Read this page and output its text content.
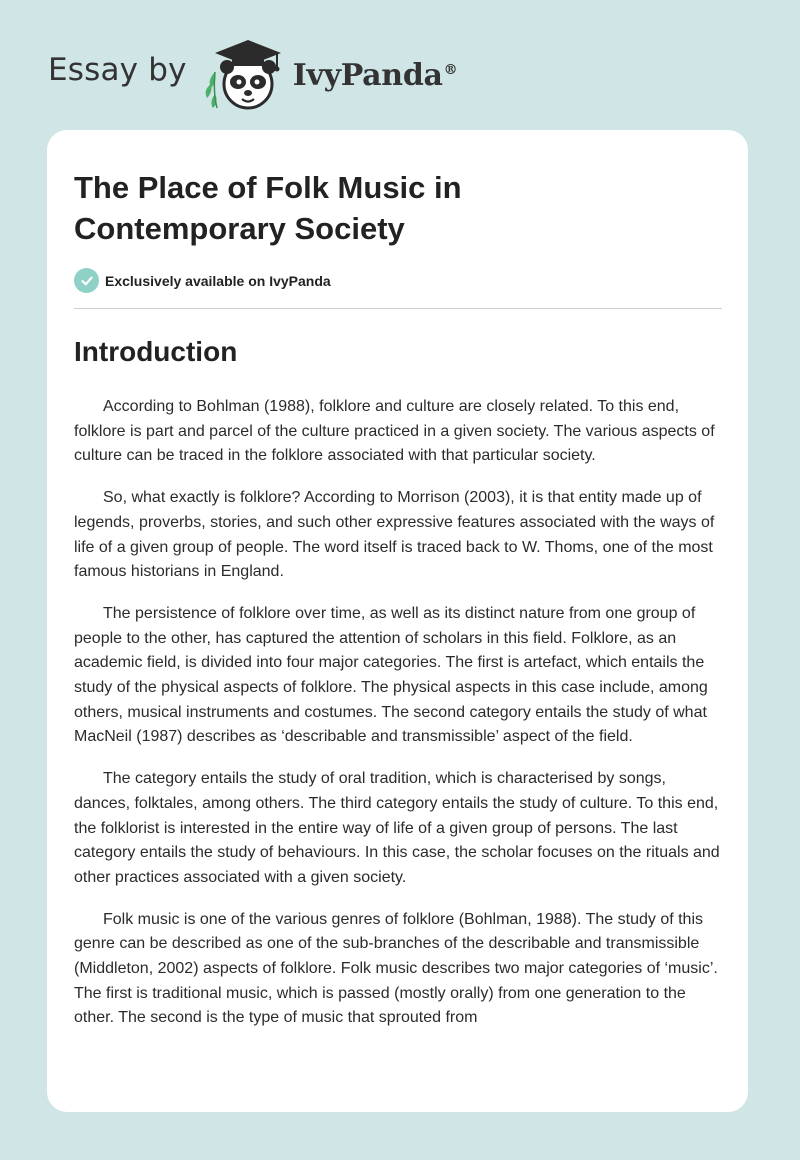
Essay by	IvyPanda®
The Place of Folk Music in Contemporary Society
Exclusively available on IvyPanda
Introduction

According to Bohlman (1988), folklore and culture are closely related. To this end, folklore is part and parcel of the culture practiced in a given society. The various aspects of culture can be traced in the folklore associated with that particular society.

So, what exactly is folklore? According to Morrison (2003), it is that entity made up of legends, proverbs, stories, and such other expressive features associated with the ways of life of a given group of people. The word itself is traced back to W. Thoms, one of the most famous historians in England.

The persistence of folklore over time, as well as its distinct nature from one group of people to the other, has captured the attention of scholars in this field. Folklore, as an academic field, is divided into four major categories. The first is artefact, which entails the study of the physical aspects of folklore. The physical aspects in this case include, among others, musical instruments and costumes. The second category entails the study of what MacNeil (1987) describes as ‘describable and transmissible’ aspect of the field.

The category entails the study of oral tradition, which is characterised by songs, dances, folktales, among others. The third category entails the study of culture. To this end, the folklorist is interested in the entire way of life of a given group of persons. The last category entails the study of behaviours. In this case, the scholar focuses on the rituals and other practices associated with a given society.

Folk music is one of the various genres of folklore (Bohlman, 1988). The study of this genre can be described as one of the sub-branches of the describable and transmissible (Middleton, 2002) aspects of folklore. Folk music describes two major categories of ‘music’. The first is traditional music, which is passed (mostly orally) from one generation to the other. The second is the type of music that sprouted from
